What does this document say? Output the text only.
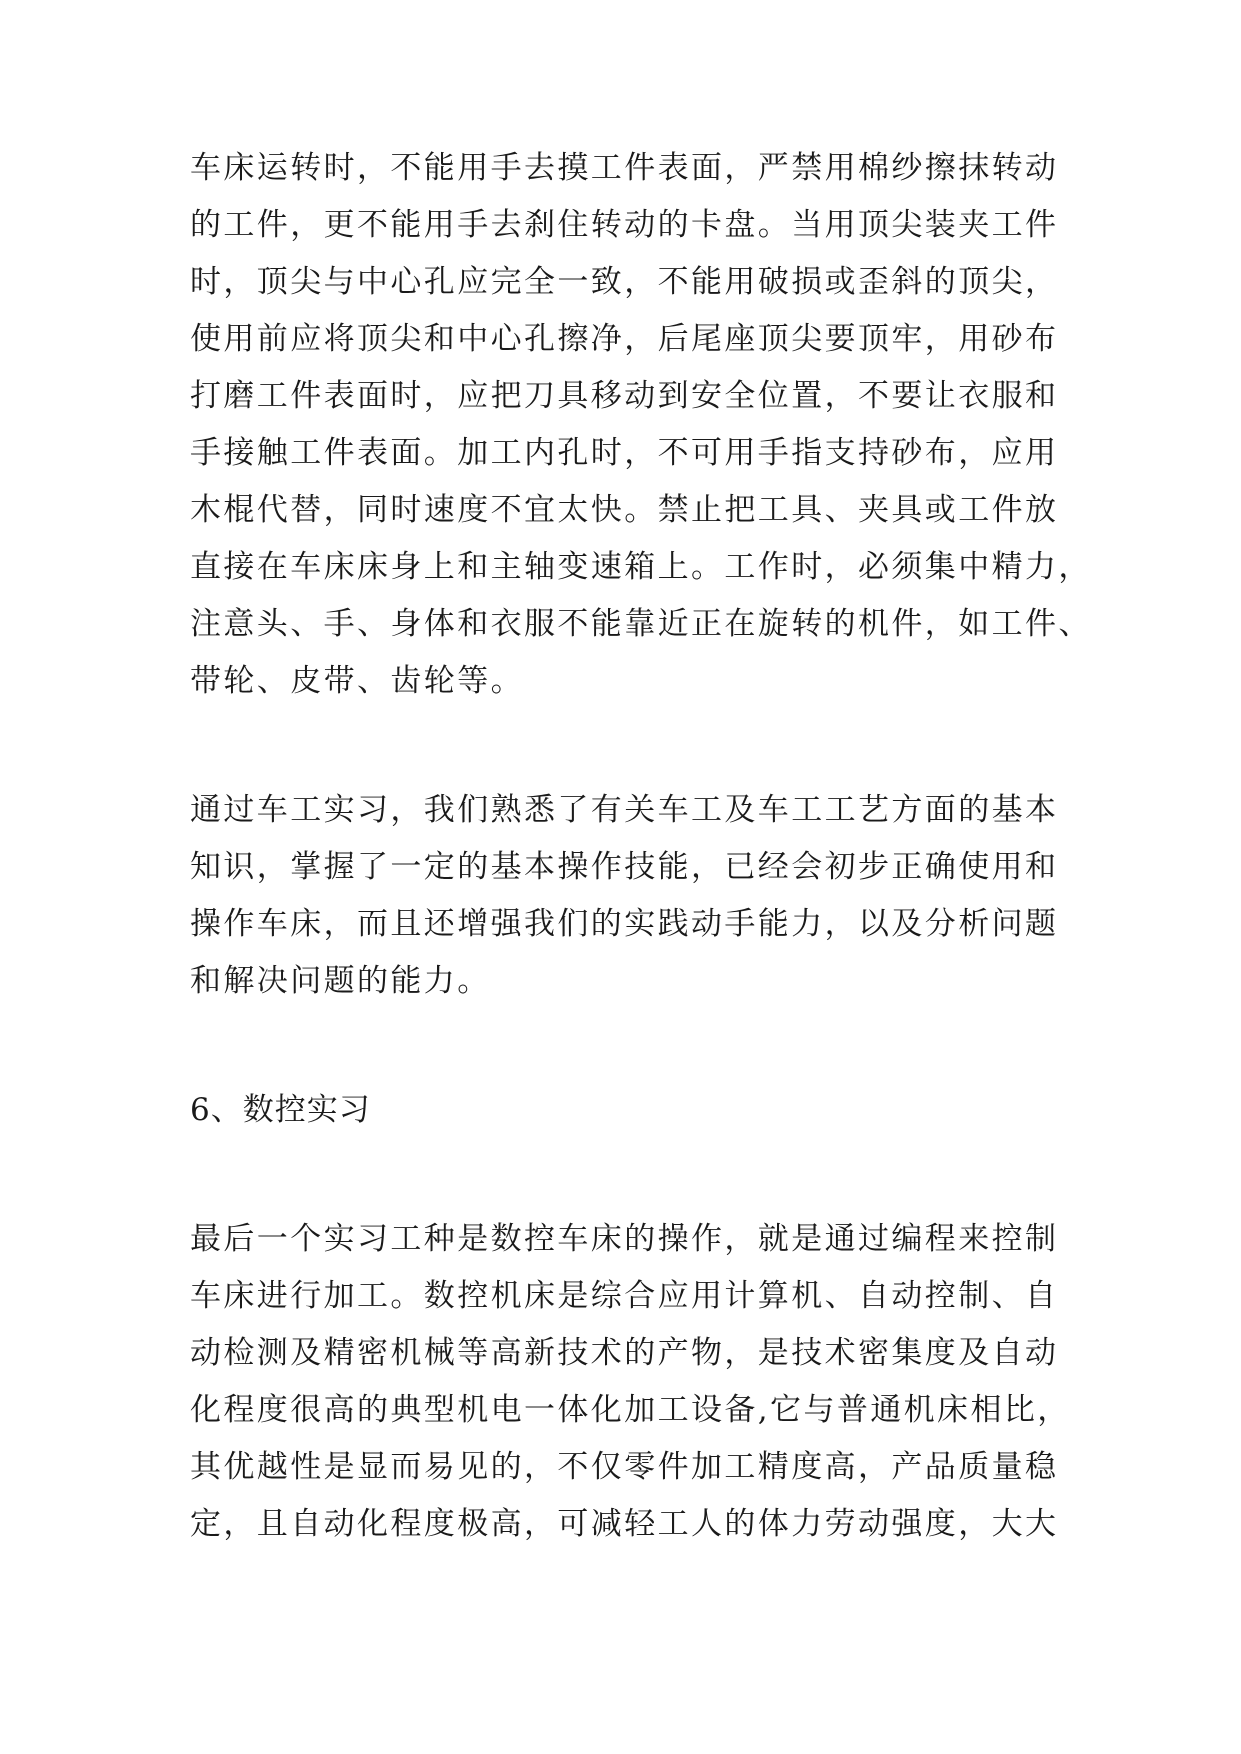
车床运转时，不能用手去摸工件表面，严禁用棉纱擦抹转动
的工件，更不能用手去刹住转动的卡盘。当用顶尖装夹工件
时，顶尖与中心孔应完全一致，不能用破损或歪斜的顶尖，
使用前应将顶尖和中心孔擦净，后尾座顶尖要顶牢，用砂布
打磨工件表面时，应把刀具移动到安全位置，不要让衣服和
手接触工件表面。加工内孔时，不可用手指支持砂布，应用
木棍代替，同时速度不宜太快。禁止把工具、夹具或工件放
直接在车床床身上和主轴变速箱上。工作时，必须集中精力，
注意头、手、身体和衣服不能靠近正在旋转的机件，如工件、
带轮、皮带、齿轮等。
通过车工实习，我们熟悉了有关车工及车工工艺方面的基本
知识，掌握了一定的基本操作技能，已经会初步正确使用和
操作车床，而且还增强我们的实践动手能力，以及分析问题
和解决问题的能力。
6、数控实习
最后一个实习工种是数控车床的操作，就是通过编程来控制
车床进行加工。数控机床是综合应用计算机、自动控制、自
动检测及精密机械等高新技术的产物，是技术密集度及自动
化程度很高的典型机电一体化加工设备,它与普通机床相比，
其优越性是显而易见的，不仅零件加工精度高，产品质量稳
定，且自动化程度极高，可减轻工人的体力劳动强度，大大
